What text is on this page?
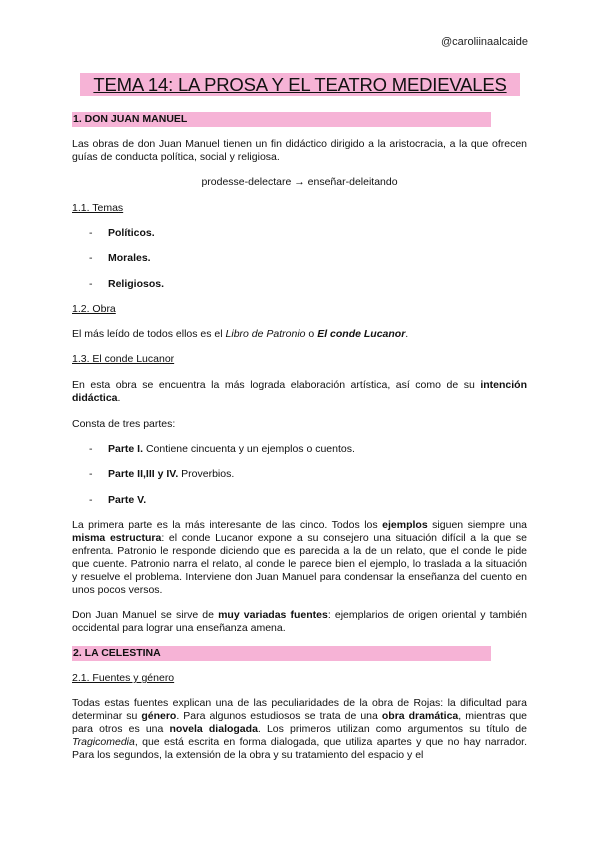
@caroliinaalcaide
TEMA 14: LA PROSA Y EL TEATRO MEDIEVALES
1. DON JUAN MANUEL
Las obras de don Juan Manuel tienen un fin didáctico dirigido a la aristocracia, a la que ofrecen guías de conducta política, social y religiosa.
prodesse-delectare → enseñar-deleitando
1.1. Temas
- Políticos.
- Morales.
- Religiosos.
1.2. Obra
El más leído de todos ellos es el Libro de Patronio o El conde Lucanor.
1.3. El conde Lucanor
En esta obra se encuentra la más lograda elaboración artística, así como de su intención didáctica.
Consta de tres partes:
- Parte I. Contiene cincuenta y un ejemplos o cuentos.
- Parte II,III y IV. Proverbios.
- Parte V.
La primera parte es la más interesante de las cinco. Todos los ejemplos siguen siempre una misma estructura: el conde Lucanor expone a su consejero una situación difícil a la que se enfrenta. Patronio le responde diciendo que es parecida a la de un relato, que el conde le pide que cuente. Patronio narra el relato, al conde le parece bien el ejemplo, lo traslada a la situación y resuelve el problema. Interviene don Juan Manuel para condensar la enseñanza del cuento en unos pocos versos.
Don Juan Manuel se sirve de muy variadas fuentes: ejemplarios de origen oriental y también occidental para lograr una enseñanza amena.
2. LA CELESTINA
2.1. Fuentes y género
Todas estas fuentes explican una de las peculiaridades de la obra de Rojas: la dificultad para determinar su género. Para algunos estudiosos se trata de una obra dramática, mientras que para otros es una novela dialogada. Los primeros utilizan como argumentos su título de Tragicomedia, que está escrita en forma dialogada, que utiliza apartes y que no hay narrador. Para los segundos, la extensión de la obra y su tratamiento del espacio y el
